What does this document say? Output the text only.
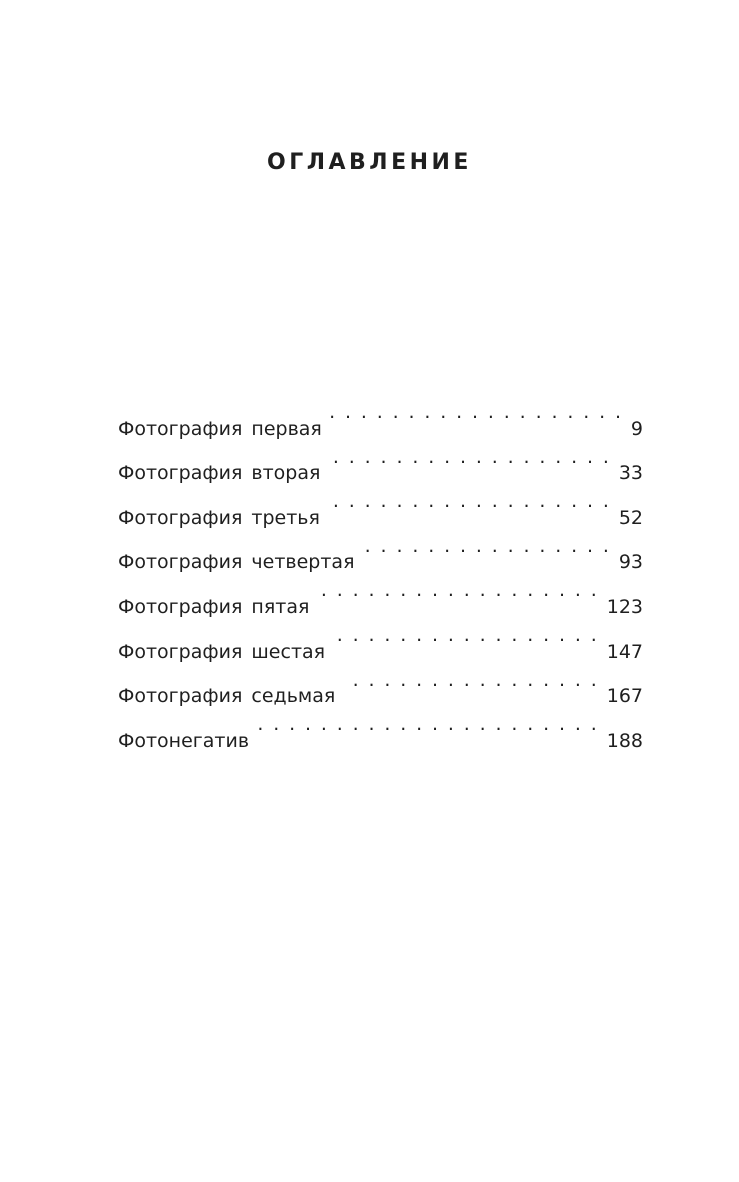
ОГЛАВЛЕНИЕ
Фотография первая . . .	9
Фотография вторая . . .	33
Фотография третья . . .	52
Фотография четвертая . . .	93
Фотография пятая . . .	123
Фотография шестая . . .	147
Фотография седьмая . . .	167
Фотонегатив . . .	188
